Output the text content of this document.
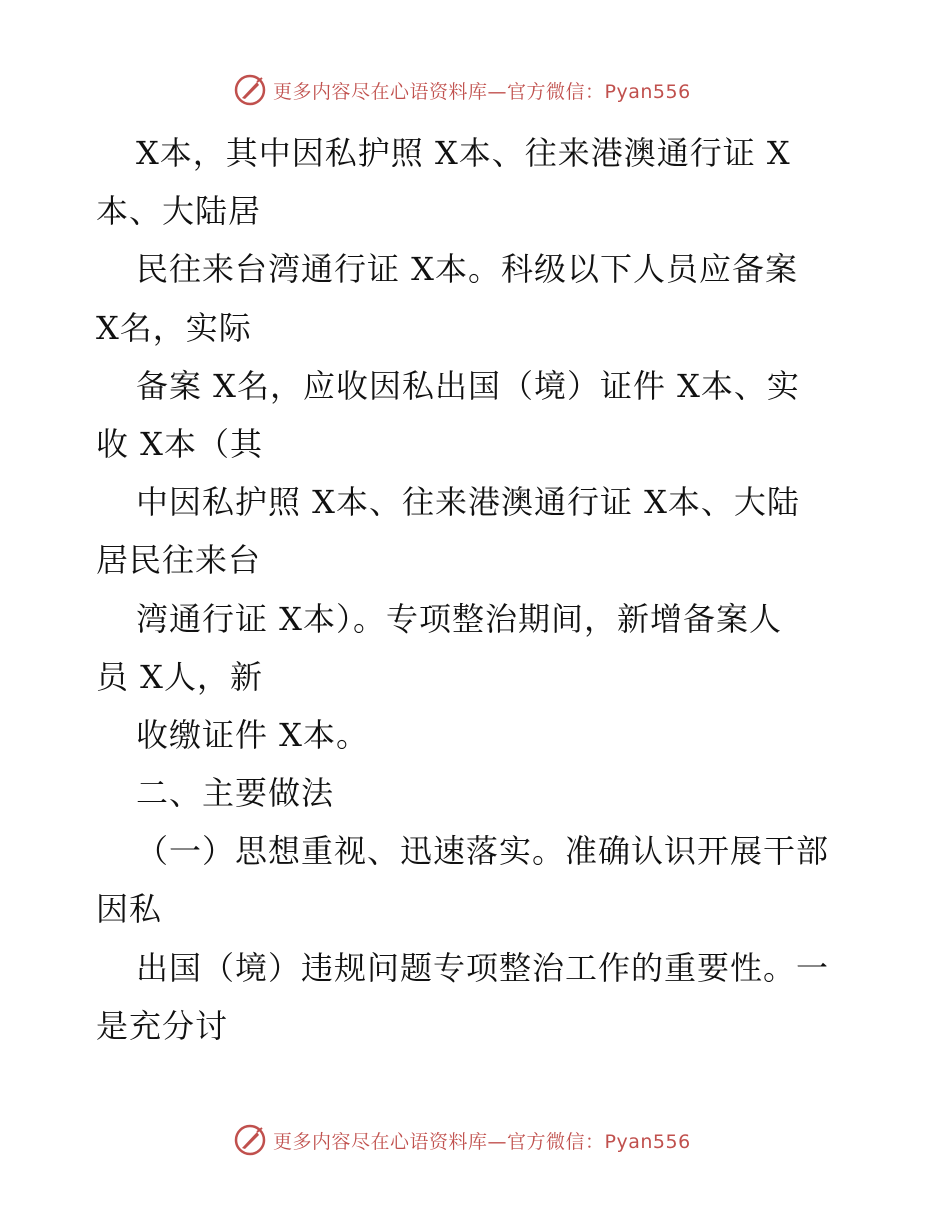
更多内容尽在心语资料库—官方微信：Pyan556
X本，其中因私护照 X本、往来港澳通行证 X
本、大陆居
民往来台湾通行证 X本。科级以下人员应备案
X名，实际
备案 X名，应收因私出国（境）证件 X本、实
收 X本（其
中因私护照 X本、往来港澳通行证 X本、大陆
居民往来台
湾通行证 X本）。专项整治期间，新增备案人
员 X人，新
收缴证件 X本。
二、主要做法
（一）思想重视、迅速落实。准确认识开展干部
因私
出国（境）违规问题专项整治工作的重要性。一
是充分讨
更多内容尽在心语资料库—官方微信：Pyan556
